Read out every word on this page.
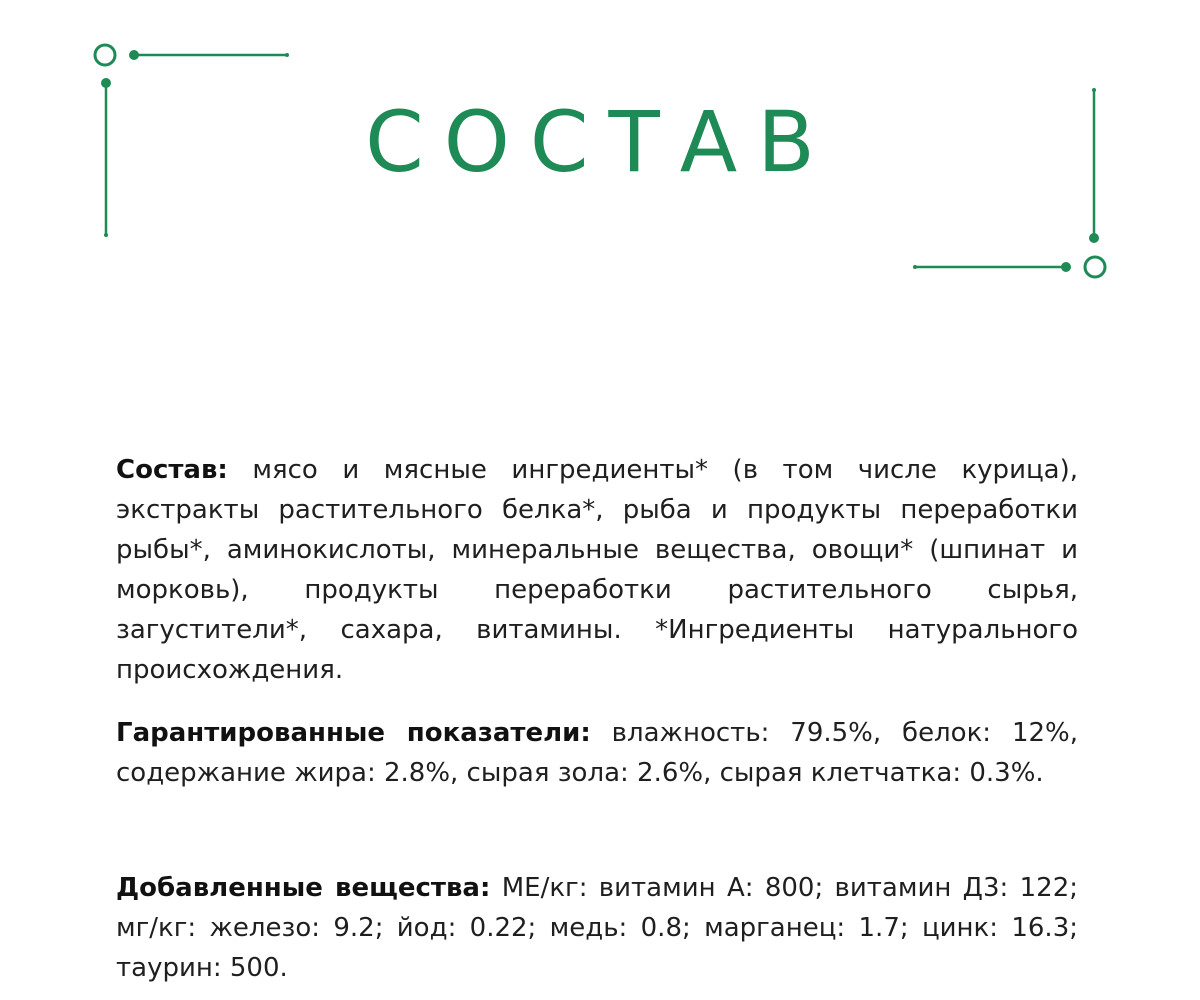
СОСТАВ

Состав: мясо и мясные ингредиенты* (в том числе курица), экстракты растительного белка*, рыба и продукты переработки рыбы*, аминокислоты, минеральные вещества, овощи* (шпинат и морковь), продукты переработки растительного сырья, загустители*, сахара, витамины. *Ингредиенты натурального происхождения.

Гарантированные показатели: влажность: 79.5%, белок: 12%, содержание жира: 2.8%, сырая зола: 2.6%, сырая клетчатка: 0.3%.

Добавленные вещества: МЕ/кг: витамин А: 800; витамин Д3: 122; мг/кг: железо: 9.2; йод: 0.22; медь: 0.8; марганец: 1.7; цинк: 16.3; таурин: 500.
